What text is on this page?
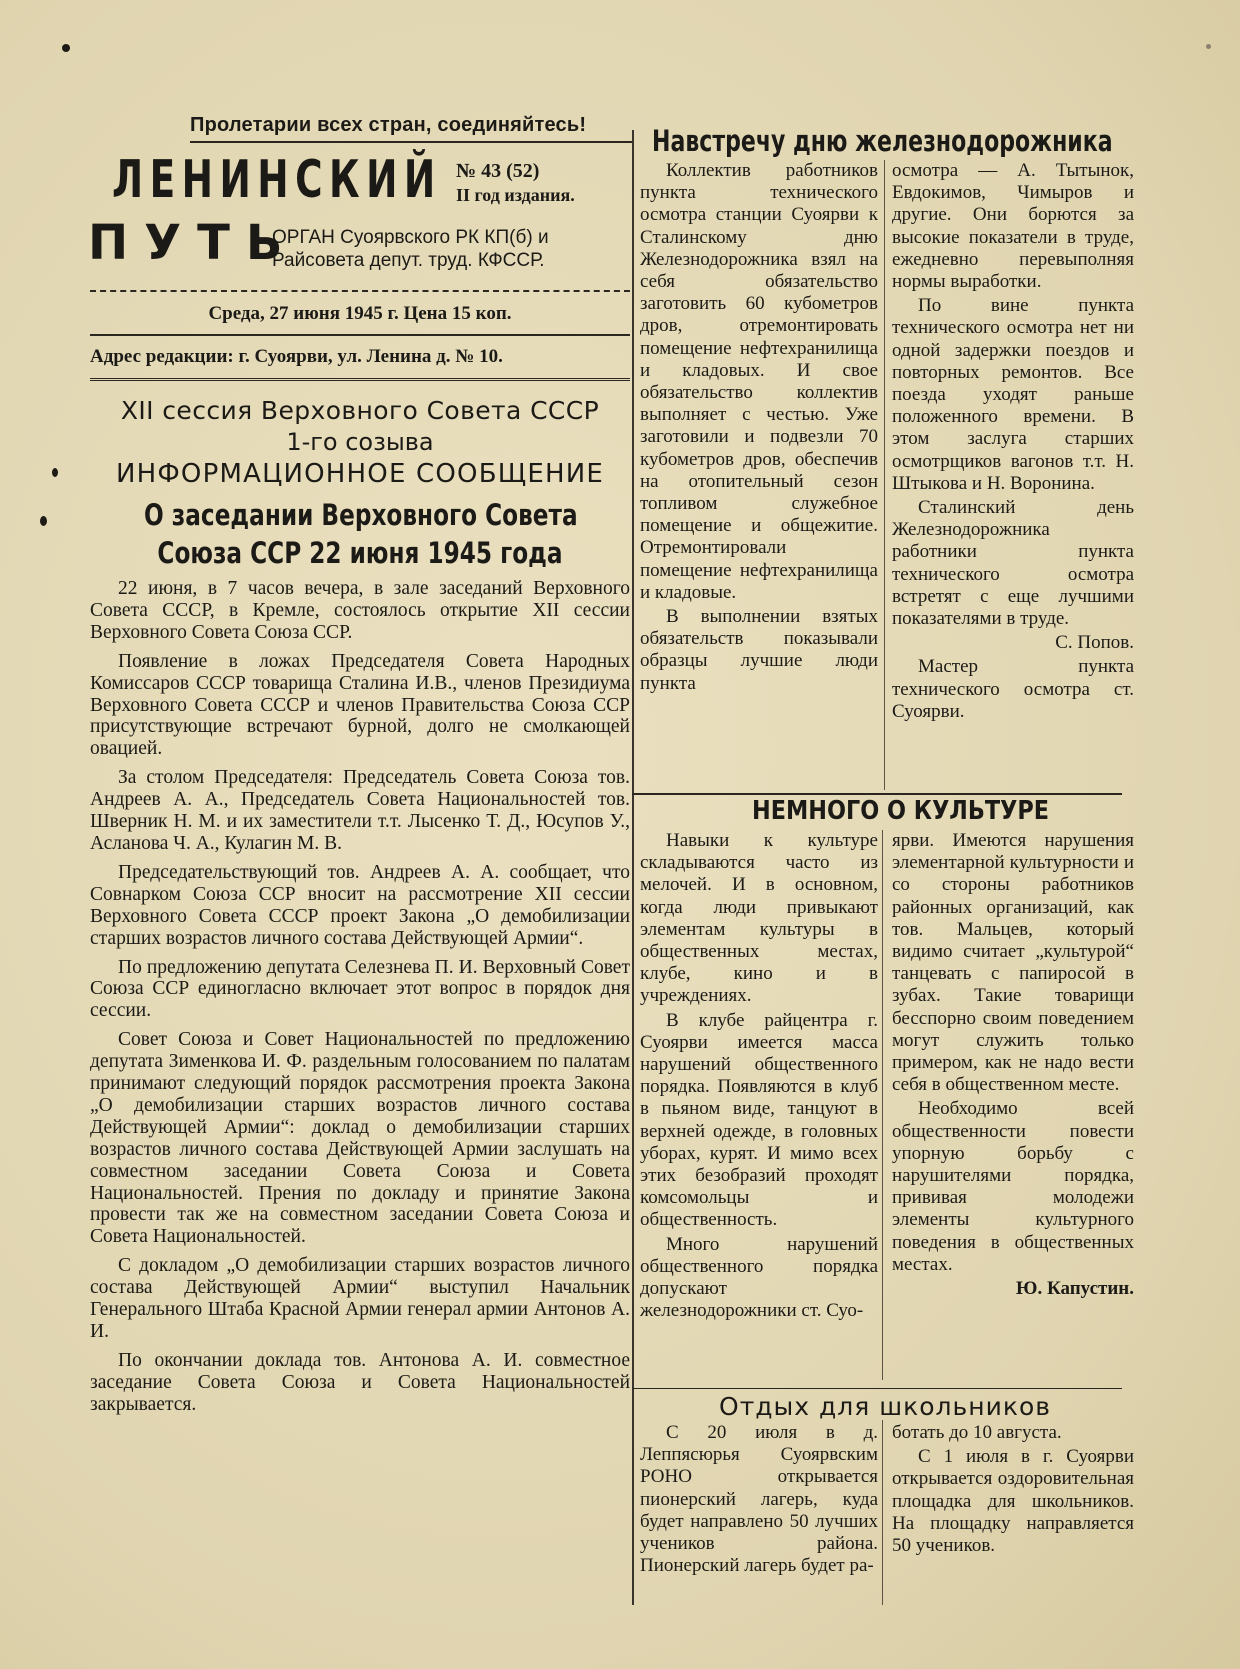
Пролетарии всех стран, соединяйтесь!
ЛЕНИНСКИЙ
ПУТЬ
№ 43 (52)
II год издания.
ОРГАН Суоярвского РК КП(б) и Райсовета депут. труд. КФССР.
Среда, 27 июня 1945 г. Цена 15 коп.
Адрес редакции: г. Суоярви, ул. Ленина д. № 10.
XII сессия Верховного Совета СССР
1-го созыва
ИНФОРМАЦИОННОЕ СООБЩЕНИЕ
О заседании Верховного Совета
Союза ССР 22 июня 1945 года

22 июня, в 7 часов вечера, в зале заседаний Верховного Совета СССР, в Кремле, состоялось открытие XII сессии Верховного Совета Союза ССР.

Появление в ложах Председателя Совета Народных Комиссаров СССР товарища Сталина И.В., членов Президиума Верховного Совета СССР и членов Правительства Союза ССР присутствующие встречают бурной, долго не смолкающей овацией.

За столом Председателя: Председатель Совета Союза тов. Андреев А. А., Председатель Совета Национальностей тов. Шверник Н. М. и их заместители т.т. Лысенко Т. Д., Юсупов У., Асланова Ч. А., Кулагин М. В.

Председательствующий тов. Андреев А. А. сообщает, что Совнарком Союза ССР вносит на рассмотрение XII сессии Верховного Совета СССР проект Закона „О демобилизации старших возрастов личного состава Действующей Армии“.

По предложению депутата Селезнева П. И. Верховный Совет Союза ССР единогласно включает этот вопрос в порядок дня сессии.

Совет Союза и Совет Национальностей по предложению депутата Зименкова И. Ф. раздельным голосованием по палатам принимают следующий порядок рассмотрения проекта Закона „О демобилизации старших возрастов личного состава Действующей Армии“: доклад о демобилизации старших возрастов личного состава Действующей Армии заслушать на совместном заседании Совета Союза и Совета Национальностей. Прения по докладу и принятие Закона провести так же на совместном заседании Совета Союза и Совета Национальностей.

С докладом „О демобилизации старших возрастов личного состава Действующей Армии“ выступил Начальник Генерального Штаба Красной Армии генерал армии Антонов А. И.

По окончании доклада тов. Антонова А. И. совместное заседание Совета Союза и Совета Национальностей закрывается.

Навстречу дню железнодорожника

Коллектив работников пункта технического осмотра станции Суоярви к Сталинскому дню Железнодорожника взял на себя обязательство заготовить 60 кубометров дров, отремонтировать помещение нефтехранилища и кладовых. И свое обязательство коллектив выполняет с честью. Уже заготовили и подвезли 70 кубометров дров, обеспечив на отопительный сезон топливом служебное помещение и общежитие. Отремонтировали помещение нефтехранилища и кладовые.

В выполнении взятых обязательств показывали образцы лучшие люди пункта

осмотра — А. Тытынок, Евдокимов, Чимыров и другие. Они борются за высокие показатели в труде, ежедневно перевыполняя нормы выработки.

По вине пункта технического осмотра нет ни одной задержки поездов и повторных ремонтов. Все поезда уходят раньше положенного времени. В этом заслуга старших осмотрщиков вагонов т.т. Н. Штыкова и Н. Воронина.

Сталинский день Железнодорожника работники пункта технического осмотра встретят с еще лучшими показателями в труде.

С. Попов.

Мастер пункта технического осмотра ст. Суоярви.

НЕМНОГО О КУЛЬТУРЕ

Навыки к культуре складываются часто из мелочей. И в основном, когда люди привыкают элементам культуры в общественных местах, клубе, кино и в учреждениях.

В клубе райцентра г. Суоярви имеется масса нарушений общественного порядка. Появляются в клуб в пьяном виде, танцуют в верхней одежде, в головных уборах, курят. И мимо всех этих безобразий проходят комсомольцы и общественность.

Много нарушений общественного порядка допускают железнодорожники ст. Суо-

ярви. Имеются нарушения элементарной культурности и со стороны работников районных организаций, как тов. Мальцев, который видимо считает „культурой“ танцевать с папиросой в зубах. Такие товарищи бесспорно своим поведением могут служить только примером, как не надо вести себя в общественном месте.

Необходимо всей общественности повести упорную борьбу с нарушителями порядка, прививая молодежи элементы культурного поведения в общественных местах.

Ю. Капустин.

Отдых для школьников

С 20 июля в д. Леппясюрья Суоярвским РОНО открывается пионерский лагерь, куда будет направлено 50 лучших учеников района. Пионерский лагерь будет ра-

ботать до 10 августа.

С 1 июля в г. Суоярви открывается оздоровительная площадка для школьников. На площадку направляется 50 учеников.
